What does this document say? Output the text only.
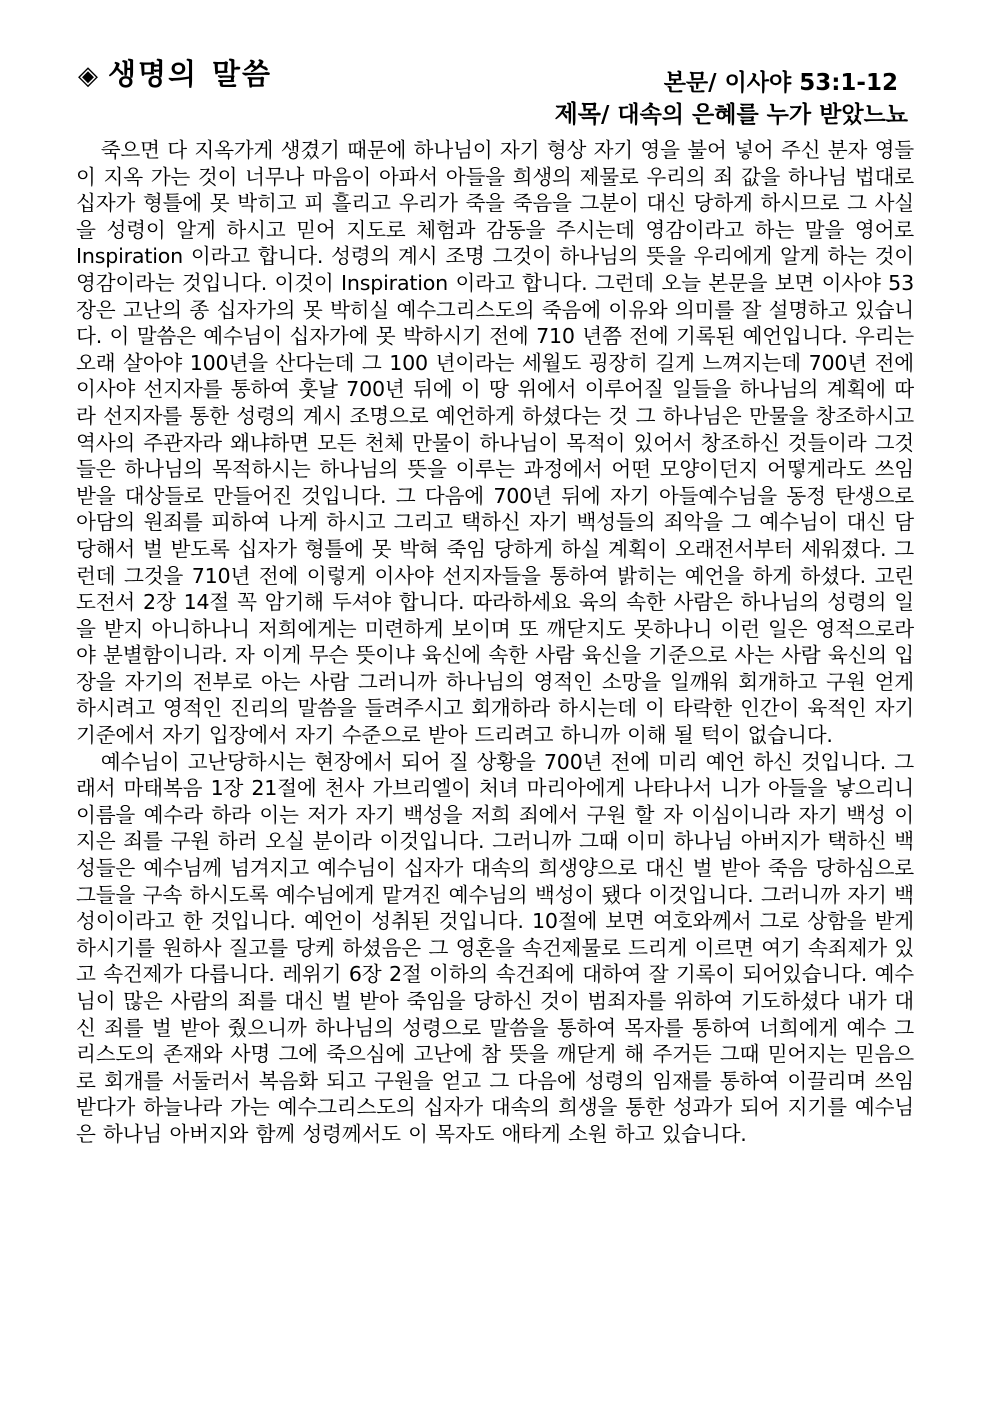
◈ 생명의 말씀	본문/ 이사야 53:1-12
제목/ 대속의 은혜를 누가 받았느뇨

죽으면 다 지옥가게 생겼기 때문에 하나님이 자기 형상 자기 영을 불어 넣어 주신 분자 영들이 지옥 가는 것이 너무나 마음이 아파서 아들을 희생의 제물로 우리의 죄 값을 하나님 법대로 십자가 형틀에 못 박히고 피 흘리고 우리가 죽을 죽음을 그분이 대신 당하게 하시므로 그 사실을 성령이 알게 하시고 믿어 지도로 체험과 감동을 주시는데 영감이라고 하는 말을 영어로 Inspiration 이라고 합니다. 성령의 계시 조명 그것이 하나님의 뜻을 우리에게 알게 하는 것이 영감이라는 것입니다. 이것이 Inspiration 이라고 합니다. 그런데 오늘 본문을 보면 이사야 53장은 고난의 종 십자가의 못 박히실 예수그리스도의 죽음에 이유와 의미를 잘 설명하고 있습니다. 이 말씀은 예수님이 십자가에 못 박하시기 전에 710 년쯤 전에 기록된 예언입니다. 우리는 오래 살아야 100년을 산다는데 그 100 년이라는 세월도 굉장히 길게 느껴지는데 700년 전에 이사야 선지자를 통하여 훗날 700년 뒤에 이 땅 위에서 이루어질 일들을 하나님의 계획에 따라 선지자를 통한 성령의 계시 조명으로 예언하게 하셨다는 것 그 하나님은 만물을 창조하시고 역사의 주관자라 왜냐하면 모든 천체 만물이 하나님이 목적이 있어서 창조하신 것들이라 그것들은 하나님의 목적하시는 하나님의 뜻을 이루는 과정에서 어떤 모양이던지 어떻게라도 쓰임 받을 대상들로 만들어진 것입니다. 그 다음에 700년 뒤에 자기 아들예수님을 동정 탄생으로 아담의 원죄를 피하여 나게 하시고 그리고 택하신 자기 백성들의 죄악을 그 예수님이 대신 담당해서 벌 받도록 십자가 형틀에 못 박혀 죽임 당하게 하실 계획이 오래전서부터 세워졌다. 그런데 그것을 710년 전에 이렇게 이사야 선지자들을 통하여 밝히는 예언을 하게 하셨다. 고린도전서 2장 14절 꼭 암기해 두셔야 합니다. 따라하세요 육의 속한 사람은 하나님의 성령의 일을 받지 아니하나니 저희에게는 미련하게 보이며 또 깨닫지도 못하나니 이런 일은 영적으로라야 분별함이니라. 자 이게 무슨 뜻이냐 육신에 속한 사람 육신을 기준으로 사는 사람 육신의 입장을 자기의 전부로 아는 사람 그러니까 하나님의 영적인 소망을 일깨워 회개하고 구원 얻게 하시려고 영적인 진리의 말씀을 들려주시고 회개하라 하시는데 이 타락한 인간이 육적인 자기 기준에서 자기 입장에서 자기 수준으로 받아 드리려고 하니까 이해 될 턱이 없습니다.

예수님이 고난당하시는 현장에서 되어 질 상황을 700년 전에 미리 예언 하신 것입니다. 그래서 마태복음 1장 21절에 천사 가브리엘이 처녀 마리아에게 나타나서 니가 아들을 낳으리니 이름을 예수라 하라 이는 저가 자기 백성을 저희 죄에서 구원 할 자 이심이니라 자기 백성 이 지은 죄를 구원 하러 오실 분이라 이것입니다. 그러니까 그때 이미 하나님 아버지가 택하신 백성들은 예수님께 넘겨지고 예수님이 십자가 대속의 희생양으로 대신 벌 받아 죽음 당하심으로 그들을 구속 하시도록 예수님에게 맡겨진 예수님의 백성이 됐다 이것입니다. 그러니까 자기 백성이이라고 한 것입니다. 예언이 성취된 것입니다. 10절에 보면 여호와께서 그로 상함을 받게 하시기를 원하사 질고를 당케 하셨음은 그 영혼을 속건제물로 드리게 이르면 여기 속죄제가 있고 속건제가 다릅니다. 레위기 6장 2절 이하의 속건죄에 대하여 잘 기록이 되어있습니다. 예수님이 많은 사람의 죄를 대신 벌 받아 죽임을 당하신 것이 범죄자를 위하여 기도하셨다 내가 대신 죄를 벌 받아 줬으니까 하나님의 성령으로 말씀을 통하여 목자를 통하여 너희에게 예수 그리스도의 존재와 사명 그에 죽으심에 고난에 참 뜻을 깨닫게 해 주거든 그때 믿어지는 믿음으로 회개를 서둘러서 복음화 되고 구원을 얻고 그 다음에 성령의 임재를 통하여 이끌리며 쓰임 받다가 하늘나라 가는 예수그리스도의 십자가 대속의 희생을 통한 성과가 되어 지기를 예수님은 하나님 아버지와 함께 성령께서도 이 목자도 애타게 소원 하고 있습니다.
